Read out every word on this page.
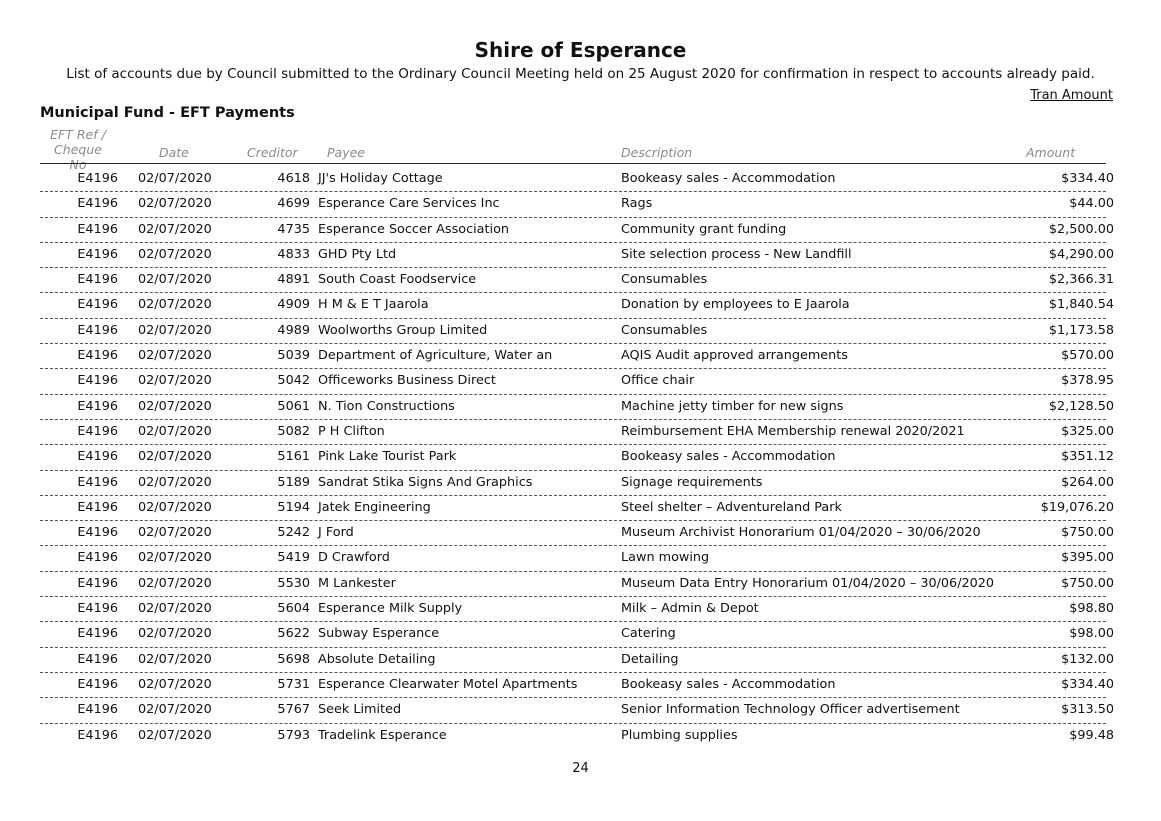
Shire of Esperance
List of accounts due by Council submitted to the Ordinary Council Meeting held on 25 August 2020 for confirmation in respect to accounts already paid.
Tran Amount
Municipal Fund - EFT Payments
EFT Ref /
Cheque No
Date	Creditor Payee	Description	Amount
E4196 02/07/2020	4618 JJ's Holiday Cottage	Bookeasy sales - Accommodation	$334.40
E4196 02/07/2020	4699 Esperance Care Services Inc	Rags	$44.00
E4196 02/07/2020	4735 Esperance Soccer Association	Community grant funding	$2,500.00
E4196 02/07/2020	4833 GHD Pty Ltd	Site selection process - New Landfill	$4,290.00
E4196 02/07/2020	4891 South Coast Foodservice	Consumables	$2,366.31
E4196 02/07/2020	4909 H M & E T Jaarola	Donation by employees to E Jaarola	$1,840.54
E4196 02/07/2020	4989 Woolworths Group Limited	Consumables	$1,173.58
E4196 02/07/2020	5039 Department of Agriculture, Water an	AQIS Audit approved arrangements	$570.00
E4196 02/07/2020	5042 Officeworks Business Direct	Office chair	$378.95
E4196 02/07/2020	5061 N. Tion Constructions	Machine jetty timber for new signs	$2,128.50
E4196 02/07/2020	5082 P H Clifton	Reimbursement EHA Membership renewal 2020/2021	$325.00
E4196 02/07/2020	5161 Pink Lake Tourist Park	Bookeasy sales - Accommodation	$351.12
E4196 02/07/2020	5189 Sandrat Stika Signs And Graphics	Signage requirements	$264.00
E4196 02/07/2020	5194 Jatek Engineering	Steel shelter – Adventureland Park	$19,076.20
E4196 02/07/2020	5242 J Ford	Museum Archivist Honorarium 01/04/2020 – 30/06/2020	$750.00
E4196 02/07/2020	5419 D Crawford	Lawn mowing	$395.00
E4196 02/07/2020	5530 M Lankester	Museum Data Entry Honorarium 01/04/2020 – 30/06/2020	$750.00
E4196 02/07/2020	5604 Esperance Milk Supply	Milk – Admin & Depot	$98.80
E4196 02/07/2020	5622 Subway Esperance	Catering	$98.00
E4196 02/07/2020	5698 Absolute Detailing	Detailing	$132.00
E4196 02/07/2020	5731 Esperance Clearwater Motel Apartments	Bookeasy sales - Accommodation	$334.40
E4196 02/07/2020	5767 Seek Limited	Senior Information Technology Officer advertisement	$313.50
E4196 02/07/2020	5793 Tradelink Esperance	Plumbing supplies	$99.48
24
